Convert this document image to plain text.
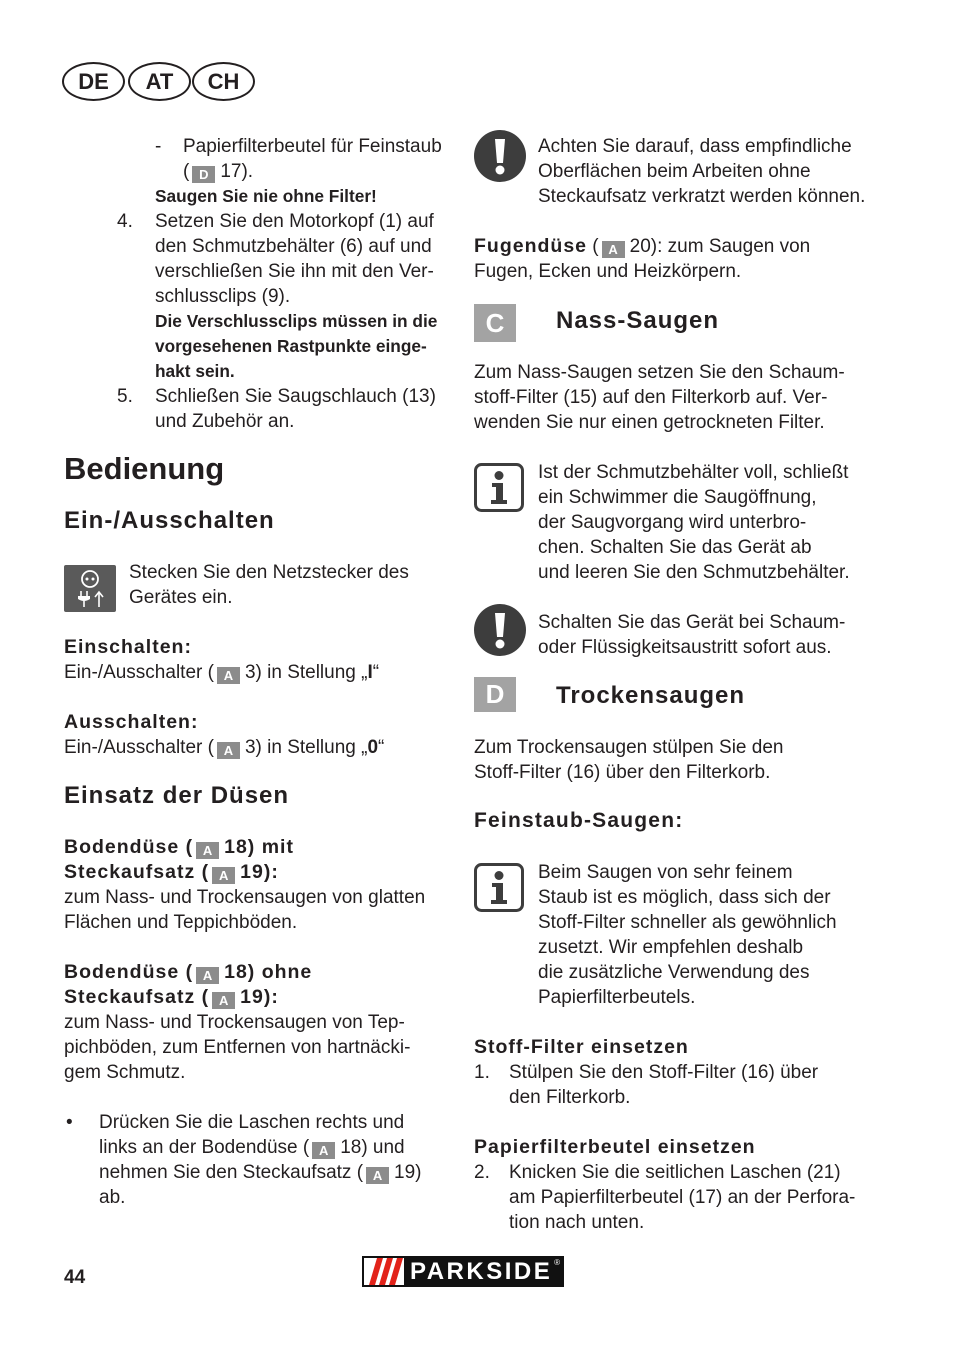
DE	AT	CH
- Papierfilterbeutel für Feinstaub
( D 17).
Saugen Sie nie ohne Filter!
4. Setzen Sie den Motorkopf (1) auf
den Schmutzbehälter (6) auf und
verschließen Sie ihn mit den Ver-
schlussclips (9).
Die Verschlussclips müssen in die
vorgesehenen Rastpunkte einge-
hakt sein.
5. Schließen Sie Saugschlauch (13)
und Zubehör an.
Bedienung
Ein-/Ausschalten
Stecken Sie den Netzstecker des
Gerätes ein.
Einschalten:
Ein-/Ausschalter ( A 3) in Stellung „I“
Ausschalten:
Ein-/Ausschalter ( A 3) in Stellung „0“
Einsatz der Düsen
Bodendüse ( A 18) mit
Steckaufsatz ( A 19):
zum Nass- und Trockensaugen von glatten
Flächen und Teppichböden.
Bodendüse ( A 18) ohne
Steckaufsatz ( A 19):
zum Nass- und Trockensaugen von Tep-
pichböden, zum Entfernen von hartnäcki-
gem Schmutz.
• Drücken Sie die Laschen rechts und
links an der Bodendüse ( A 18) und
nehmen Sie den Steckaufsatz ( A 19)
ab.
Achten Sie darauf, dass empfindliche
Oberflächen beim Arbeiten ohne
Steckaufsatz verkratzt werden können.
Fugendüse ( A 20): zum Saugen von
Fugen, Ecken und Heizkörpern.
C	Nass-Saugen
Zum Nass-Saugen setzen Sie den Schaum-
stoff-Filter (15) auf den Filterkorb auf. Ver-
wenden Sie nur einen getrockneten Filter.
Ist der Schmutzbehälter voll, schließt
ein Schwimmer die Saugöffnung,
der Saugvorgang wird unterbro-
chen. Schalten Sie das Gerät ab
und leeren Sie den Schmutzbehälter.
Schalten Sie das Gerät bei Schaum-
oder Flüssigkeitsaustritt sofort aus.
D	Trockensaugen
Zum Trockensaugen stülpen Sie den
Stoff-Filter (16) über den Filterkorb.
Feinstaub-Saugen:
Beim Saugen von sehr feinem
Staub ist es möglich, dass sich der
Stoff-Filter schneller als gewöhnlich
zusetzt. Wir empfehlen deshalb
die zusätzliche Verwendung des
Papierfilterbeutels.
Stoff-Filter einsetzen
1. Stülpen Sie den Stoff-Filter (16) über
den Filterkorb.
Papierfilterbeutel einsetzen
2. Knicken Sie die seitlichen Laschen (21)
am Papierfilterbeutel (17) an der Perfora-
tion nach unten.
44	PARKSIDE ®
